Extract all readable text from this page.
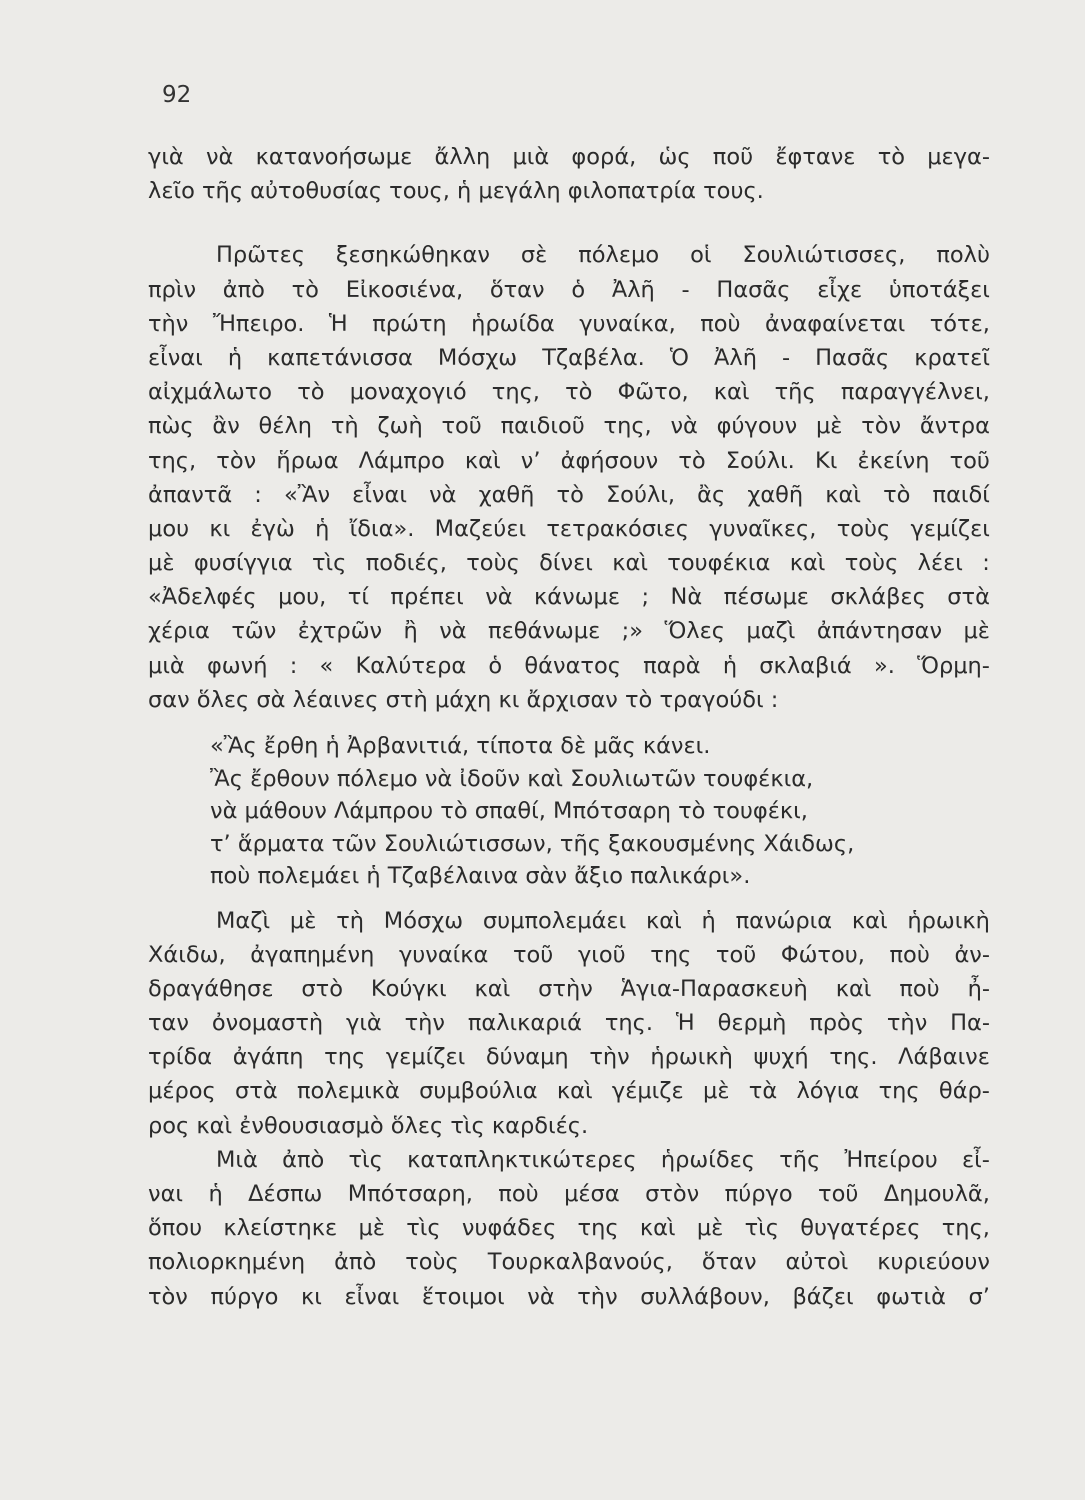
92
γιὰ νὰ κατανοήσωμε ἄλλη μιὰ φορά, ὡς ποῦ ἔφτανε τὸ μεγα-
λεῖο τῆς αὐτοθυσίας τους, ἡ μεγάλη φιλοπατρία τους.
Πρῶτες ξεσηκώθηκαν σὲ πόλεμο οἱ Σουλιώτισσες, πολὺ
πρὶν ἀπὸ τὸ Εἰκοσιένα, ὅταν ὁ Ἀλῆ - Πασᾶς εἶχε ὑποτάξει
τὴν Ἤπειρο. Ἡ πρώτη ἡρωίδα γυναίκα, ποὺ ἀναφαίνεται τότε,
εἶναι ἡ καπετάνισσα Μόσχω Τζαβέλα. Ὁ Ἀλῆ - Πασᾶς κρατεῖ
αἰχμάλωτο τὸ μοναχογιό της, τὸ Φῶτο, καὶ τῆς παραγγέλνει,
πὼς ἂν θέλη τὴ ζωὴ τοῦ παιδιοῦ της, νὰ φύγουν μὲ τὸν ἄντρα
της, τὸν ἥρωα Λάμπρο καὶ ν’ ἀφήσουν τὸ Σούλι. Κι ἐκείνη τοῦ
ἀπαντᾶ : «Ἂν εἶναι νὰ χαθῆ τὸ Σούλι, ἂς χαθῆ καὶ τὸ παιδί
μου κι ἐγὼ ἡ ἴδια». Μαζεύει τετρακόσιες γυναῖκες, τοὺς γεμίζει
μὲ φυσίγγια τὶς ποδιές, τοὺς δίνει καὶ τουφέκια καὶ τοὺς λέει :
«Ἀδελφές μου, τί πρέπει νὰ κάνωμε ; Νὰ πέσωμε σκλάβες στὰ
χέρια τῶν ἐχτρῶν ἢ νὰ πεθάνωμε ;» Ὅλες μαζὶ ἀπάντησαν μὲ
μιὰ φωνή : « Καλύτερα ὁ θάνατος παρὰ ἡ σκλαβιά ». Ὅρμη-
σαν ὅλες σὰ λέαινες στὴ μάχη κι ἄρχισαν τὸ τραγούδι :
«Ἂς ἔρθη ἡ Ἀρβανιτιά, τίποτα δὲ μᾶς κάνει.
Ἂς ἔρθουν πόλεμο νὰ ἰδοῦν καὶ Σουλιωτῶν τουφέκια,
νὰ μάθουν Λάμπρου τὸ σπαθί, Μπότσαρη τὸ τουφέκι,
τ’ ἅρματα τῶν Σουλιώτισσων, τῆς ξακουσμένης Χάιδως,
ποὺ πολεμάει ἡ Τζαβέλαινα σὰν ἄξιο παλικάρι».
Μαζὶ μὲ τὴ Μόσχω συμπολεμάει καὶ ἡ πανώρια καὶ ἡρωικὴ
Χάιδω, ἀγαπημένη γυναίκα τοῦ γιοῦ της τοῦ Φώτου, ποὺ ἀν-
δραγάθησε στὸ Κούγκι καὶ στὴν Ἁγια-Παρασκευὴ καὶ ποὺ ἦ-
ταν ὀνομαστὴ γιὰ τὴν παλικαριά της. Ἡ θερμὴ πρὸς τὴν Πα-
τρίδα ἀγάπη της γεμίζει δύναμη τὴν ἡρωικὴ ψυχή της. Λάβαινε
μέρος στὰ πολεμικὰ συμβούλια καὶ γέμιζε μὲ τὰ λόγια της θάρ-
ρος καὶ ἐνθουσιασμὸ ὅλες τὶς καρδιές.
Μιὰ ἀπὸ τὶς καταπληκτικώτερες ἡρωίδες τῆς Ἠπείρου εἶ-
ναι ἡ Δέσπω Μπότσαρη, ποὺ μέσα στὸν πύργο τοῦ Δημουλᾶ,
ὅπου κλείστηκε μὲ τὶς νυφάδες της καὶ μὲ τὶς θυγατέρες της,
πολιορκημένη ἀπὸ τοὺς Τουρκαλβανούς, ὅταν αὐτοὶ κυριεύουν
τὸν πύργο κι εἶναι ἕτοιμοι νὰ τὴν συλλάβουν, βάζει φωτιὰ σ’
